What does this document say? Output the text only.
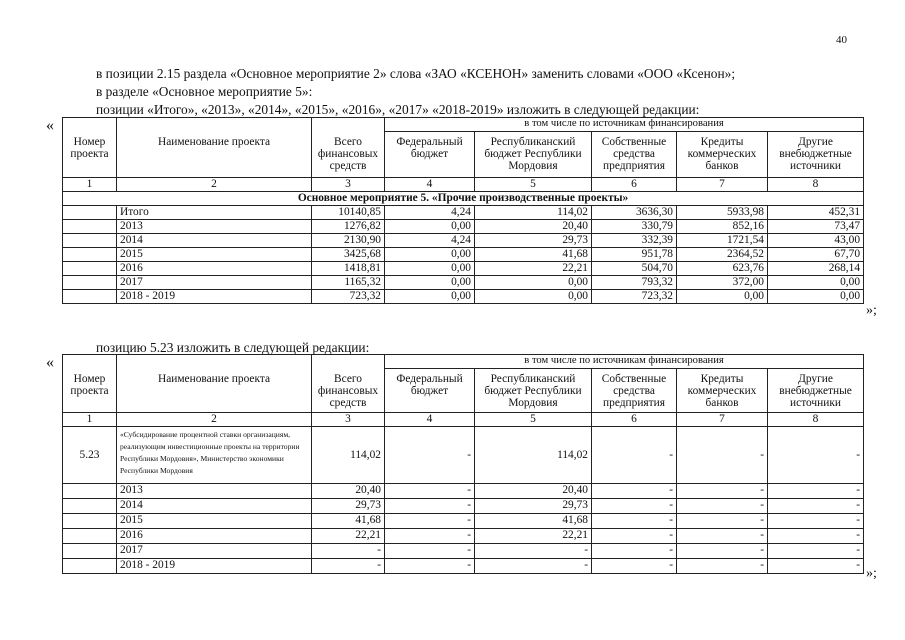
40
в позиции 2.15 раздела «Основное мероприятие 2» слова «ЗАО «КСЕНОН» заменить словами «ООО «Ксенон»;
в разделе «Основное мероприятие 5»:
позиции «Итого», «2013», «2014», «2015», «2016», «2017» «2018-2019» изложить в следующей редакции:
«
Номер проекта	Наименование проекта	Всего финансовых средств	в том числе по источникам финансирования				
			Федеральный бюджет	Республиканский бюджет Республики Мордовия	Собственные средства предприятия	Кредиты коммерческих банков	Другие внебюджетные источники
1	2	3	4	5	6	7	8
Основное мероприятие 5. «Прочие производственные проекты»							
	Итого	10140,85	4,24	114,02	3636,30	5933,98	452,31
	2013	1276,82	0,00	20,40	330,79	852,16	73,47
	2014	2130,90	4,24	29,73	332,39	1721,54	43,00
	2015	3425,68	0,00	41,68	951,78	2364,52	67,70
	2016	1418,81	0,00	22,21	504,70	623,76	268,14
	2017	1165,32	0,00	0,00	793,32	372,00	0,00
	2018 - 2019	723,32	0,00	0,00	723,32	0,00	0,00
»;
позицию 5.23 изложить в следующей редакции:
«
Номер проекта	Наименование проекта	Всего финансовых средств	в том числе по источникам финансирования				
			Федеральный бюджет	Республиканский бюджет Республики Мордовия	Собственные средства предприятия	Кредиты коммерческих банков	Другие внебюджетные источники
1	2	3	4	5	6	7	8
5.23	«Субсидирование процентной ставки организациям, реализующим инвестиционные проекты на территории Республики Мордовия», Министерство экономики Республики Мордовия	114,02	-	114,02	-	-	-
	2013	20,40	-	20,40	-	-	-
	2014	29,73	-	29,73	-	-	-
	2015	41,68	-	41,68	-	-	-
	2016	22,21	-	22,21	-	-	-
	2017	-	-	-	-	-	-
	2018 - 2019	-	-	-	-	-	-
»;
